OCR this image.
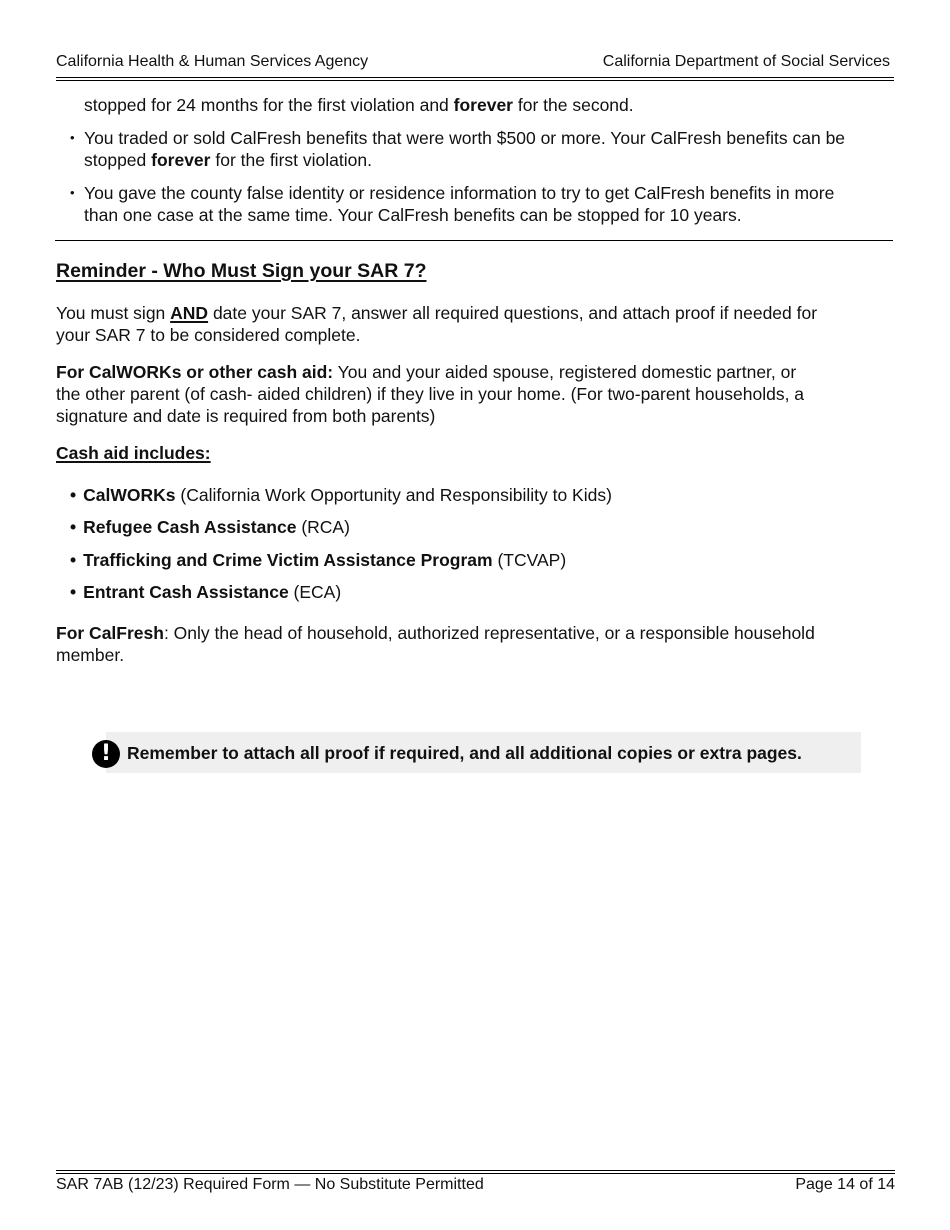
California Health & Human Services Agency	California Department of Social Services
stopped for 24 months for the first violation and forever for the second.
• You traded or sold CalFresh benefits that were worth $500 or more. Your CalFresh benefits can be
stopped forever for the first violation.
• You gave the county false identity or residence information to try to get CalFresh benefits in more
than one case at the same time. Your CalFresh benefits can be stopped for 10 years.
Reminder - Who Must Sign your SAR 7?
You must sign AND date your SAR 7, answer all required questions, and attach proof if needed for
your SAR 7 to be considered complete.
For CalWORKs or other cash aid: You and your aided spouse, registered domestic partner, or
the other parent (of cash- aided children) if they live in your home. (For two-parent households, a
signature and date is required from both parents)
Cash aid includes:
• CalWORKs (California Work Opportunity and Responsibility to Kids)
• Refugee Cash Assistance (RCA)
• Trafficking and Crime Victim Assistance Program (TCVAP)
• Entrant Cash Assistance (ECA)
For CalFresh: Only the head of household, authorized representative, or a responsible household
member.
! Remember to attach all proof if required, and all additional copies or extra pages.
SAR 7AB (12/23) Required Form — No Substitute Permitted	Page 14 of 14
